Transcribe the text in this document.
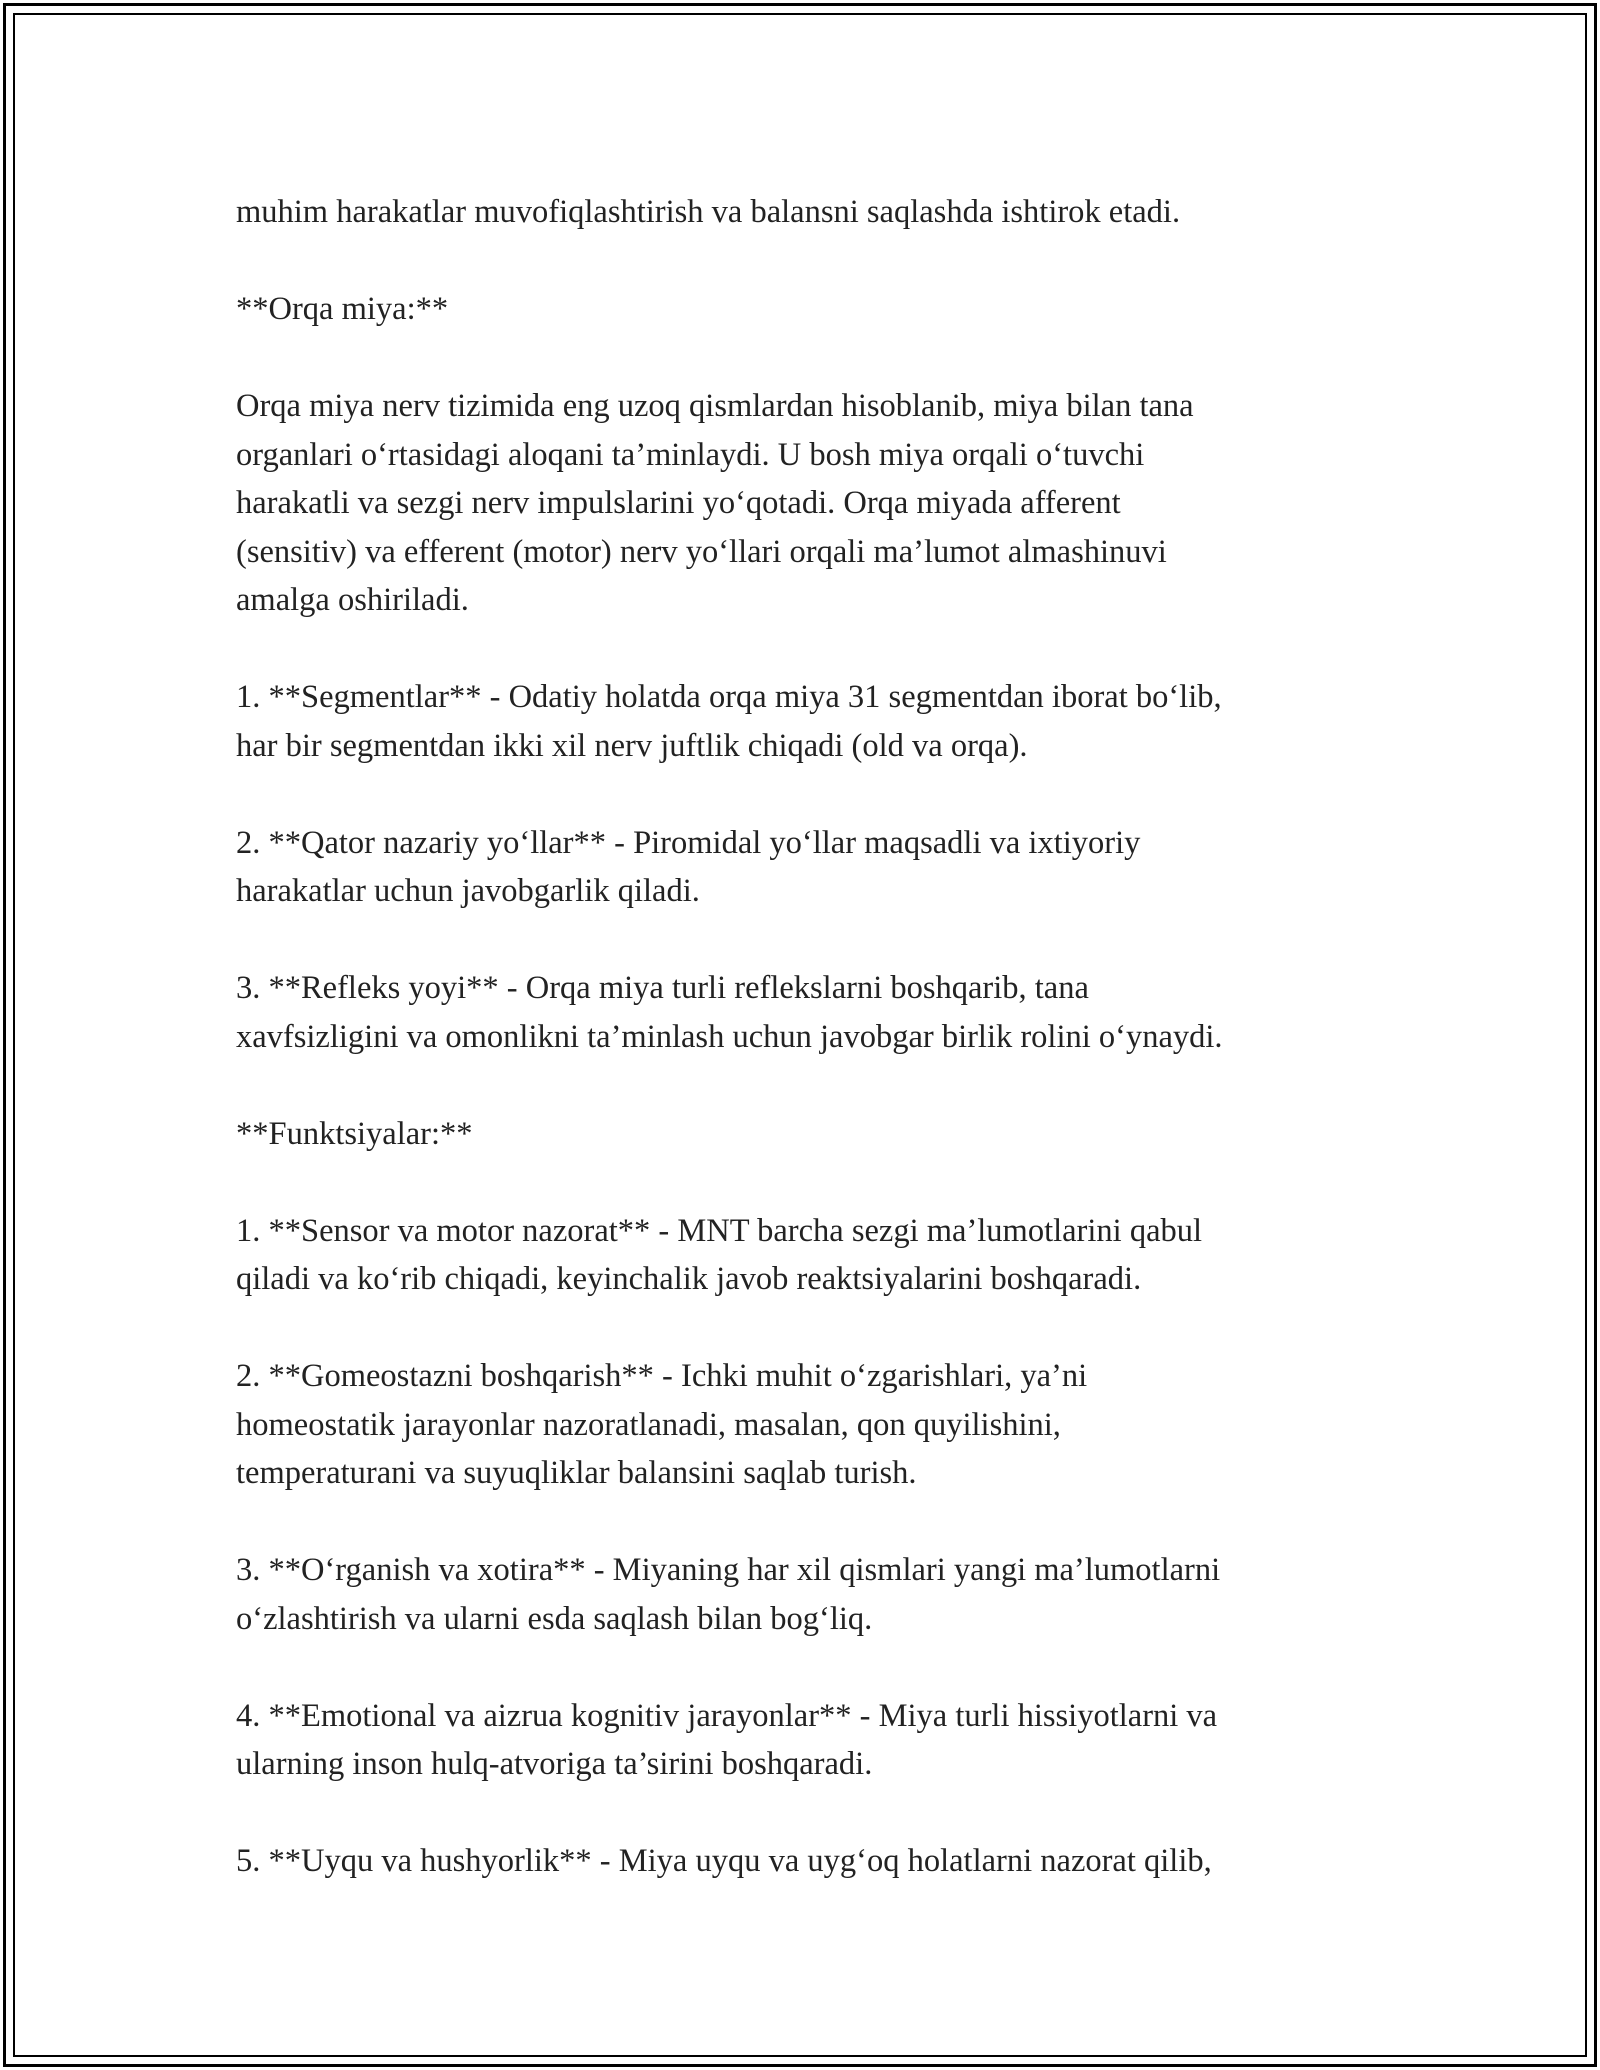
muhim harakatlar muvofiqlashtirish va balansni saqlashda ishtirok etadi.

**Orqa miya:**

Orqa miya nerv tizimida eng uzoq qismlardan hisoblanib, miya bilan tana
organlari o‘rtasidagi aloqani ta’minlaydi. U bosh miya orqali o‘tuvchi
harakatli va sezgi nerv impulslarini yo‘qotadi. Orqa miyada afferent
(sensitiv) va efferent (motor) nerv yo‘llari orqali ma’lumot almashinuvi
amalga oshiriladi.

1. **Segmentlar** - Odatiy holatda orqa miya 31 segmentdan iborat bo‘lib,
har bir segmentdan ikki xil nerv juftlik chiqadi (old va orqa).

2. **Qator nazariy yo‘llar** - Piromidal yo‘llar maqsadli va ixtiyoriy
harakatlar uchun javobgarlik qiladi.

3. **Refleks yoyi** - Orqa miya turli reflekslarni boshqarib, tana
xavfsizligini va omonlikni ta’minlash uchun javobgar birlik rolini o‘ynaydi.

**Funktsiyalar:**

1. **Sensor va motor nazorat** - MNT barcha sezgi ma’lumotlarini qabul
qiladi va ko‘rib chiqadi, keyinchalik javob reaktsiyalarini boshqaradi.

2. **Gomeostazni boshqarish** - Ichki muhit o‘zgarishlari, ya’ni
homeostatik jarayonlar nazoratlanadi, masalan, qon quyilishini,
temperaturani va suyuqliklar balansini saqlab turish.

3. **O‘rganish va xotira** - Miyaning har xil qismlari yangi ma’lumotlarni
o‘zlashtirish va ularni esda saqlash bilan bog‘liq.

4. **Emotional va aizrua kognitiv jarayonlar** - Miya turli hissiyotlarni va
ularning inson hulq-atvoriga ta’sirini boshqaradi.

5. **Uyqu va hushyorlik** - Miya uyqu va uyg‘oq holatlarni nazorat qilib,
